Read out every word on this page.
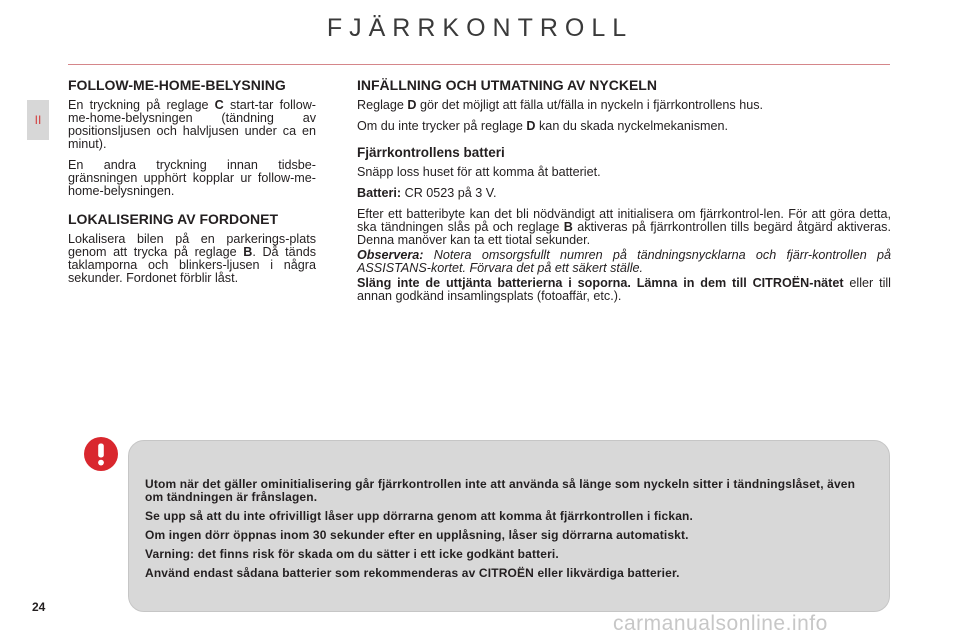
FJÄRRKONTROLL
II
FOLLOW-ME-HOME-BELYSNING

En tryckning på reglage C start-tar follow-me-home-belysningen (tändning av positionsljusen och halvljusen under ca en minut).

En andra tryckning innan tidsbe-gränsningen upphört kopplar ur follow-me-home-belysningen.

LOKALISERING AV FORDONET

Lokalisera bilen på en parkerings-plats genom att trycka på reglage B. Då tänds taklamporna och blinkers-ljusen i några sekunder. Fordonet förblir låst.

INFÄLLNING OCH UTMATNING AV NYCKELN

Reglage D gör det möjligt att fälla ut/fälla in nyckeln i fjärrkontrollens hus.

Om du inte trycker på reglage D kan du skada nyckelmekanismen.

Fjärrkontrollens batteri

Snäpp loss huset för att komma åt batteriet.

Batteri: CR 0523 på 3 V.

Efter ett batteribyte kan det bli nödvändigt att initialisera om fjärrkontrol-len. För att göra detta, ska tändningen slås på och reglage B aktiveras på fjärrkontrollen tills begärd åtgärd aktiveras. Denna manöver kan ta ett tiotal sekunder.

Observera: Notera omsorgsfullt numren på tändningsnycklarna och fjärr-kontrollen på ASSISTANS-kortet. Förvara det på ett säkert ställe.

Släng inte de uttjänta batterierna i soporna. Lämna in dem till CITROËN-nätet eller till annan godkänd insamlingsplats (fotoaffär, etc.).

Utom när det gäller ominitialisering går fjärrkontrollen inte att använda så länge som nyckeln sitter i tändningslåset, även om tändningen är frånslagen.

Se upp så att du inte ofrivilligt låser upp dörrarna genom att komma åt fjärrkontrollen i fickan.

Om ingen dörr öppnas inom 30 sekunder efter en upplåsning, låser sig dörrarna automatiskt.

Varning: det finns risk för skada om du sätter i ett icke godkänt batteri.

Använd endast sådana batterier som rekommenderas av CITROËN eller likvärdiga batterier.

24
carmanualsonline.info
